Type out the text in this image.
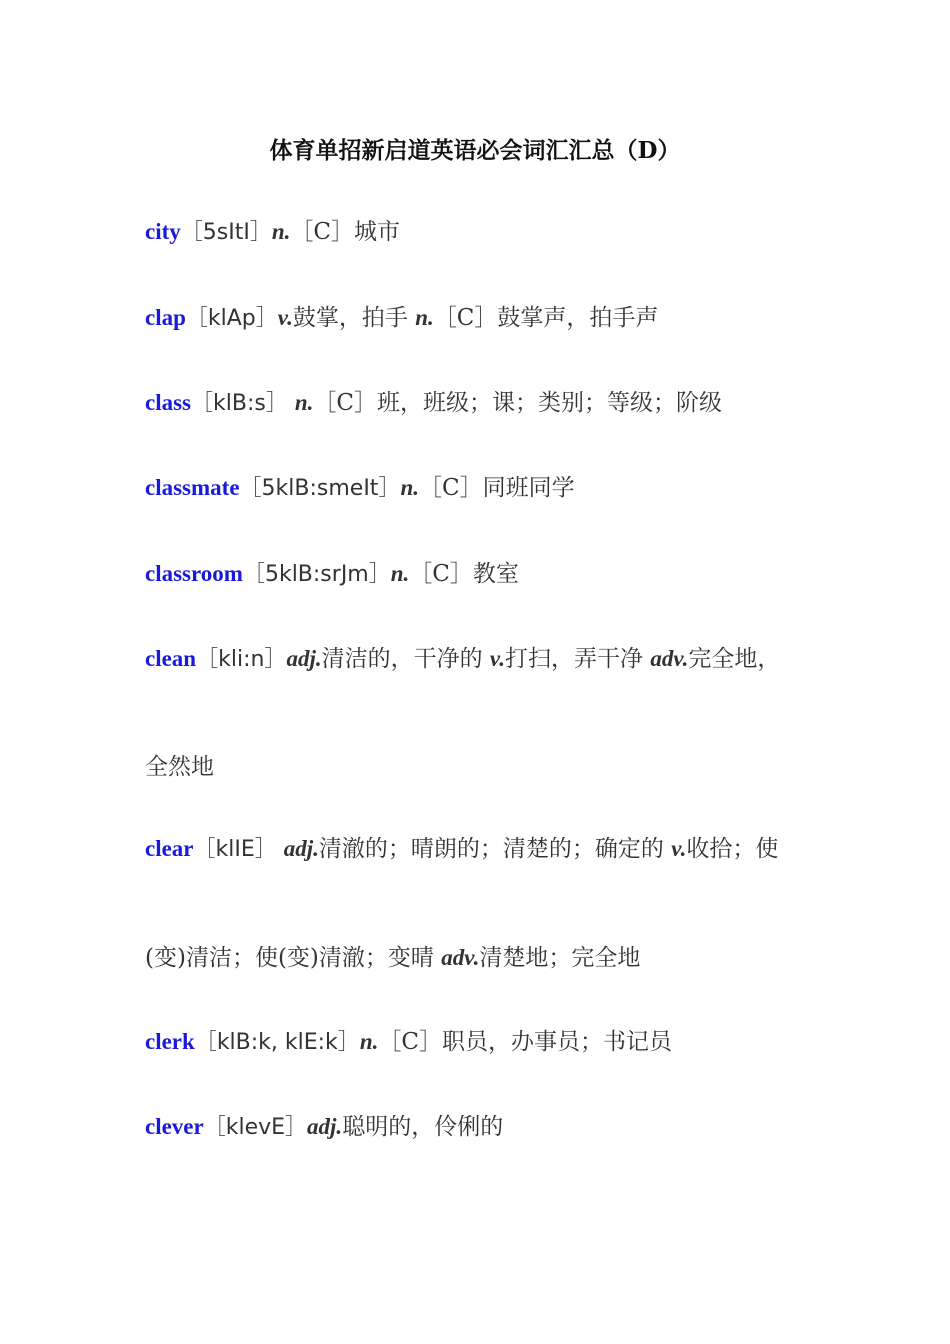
体育单招新启道英语必会词汇汇总（D）
city［5sItI］n.［C］城市
clap［klAp］v.鼓掌，拍手 n.［C］鼓掌声，拍手声
class［klB:s］ n.［C］班，班级；课；类别；等级；阶级
classmate［5klB:smeIt］n.［C］同班同学
classroom［5klB:srJm］n.［C］教室
clean［kli:n］adj.清洁的，干净的 v.打扫，弄干净 adv.完全地，
全然地
clear［klIE］ adj.清澈的；晴朗的；清楚的；确定的 v.收拾；使
(变)清洁；使(变)清澈；变晴 adv.清楚地；完全地
clerk［klB:k, klE:k］n.［C］职员，办事员；书记员
clever［klevE］adj.聪明的，伶俐的
